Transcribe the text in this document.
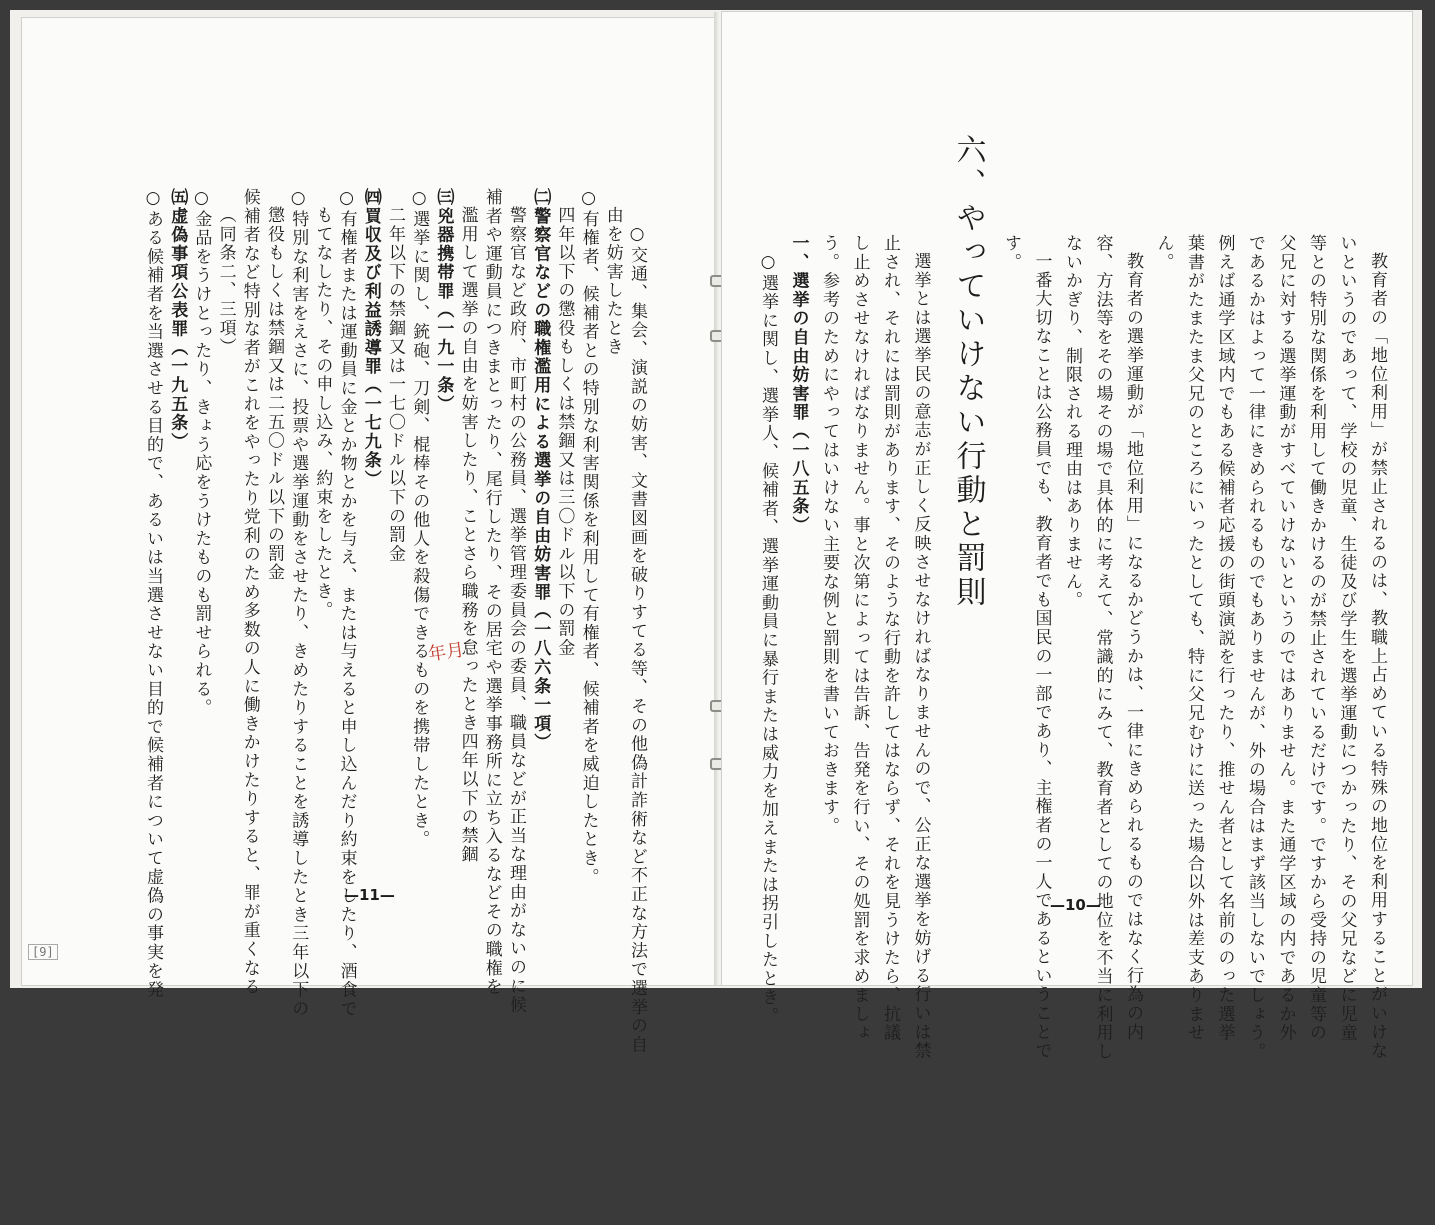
○交通、集会、演説の妨害、文書図画を破りすてる等、その他偽計詐術など不正な方法で選挙の自
由を妨害したとき
○有権者、候補者との特別な利害関係を利用して有権者、候補者を威迫したとき。
四年以下の懲役もしくは禁錮又は三〇ドル以下の罰金
㈡警察官などの職権濫用による選挙の自由妨害罪（一八六条一項）
警察官など政府、市町村の公務員、選挙管理委員会の委員、職員などが正当な理由がないのに候
補者や運動員につきまとったり、尾行したり、その居宅や選挙事務所に立ち入るなどその職権を
濫用して選挙の自由を妨害したり、ことさら職務を怠ったとき四年以下の禁錮
㈢兇器携帯罪（一九一条）
○選挙に関し、銃砲、刀剣、棍棒その他人を殺傷できるものを携帯したとき。
二年以下の禁錮又は一七〇ドル以下の罰金
㈣買収及び利益誘導罪（一七九条）
○有権者または運動員に金とか物とかを与え、または与えると申し込んだり約束をしたり、酒食で
もてなしたり、その申し込み、約束をしたとき。
○特別な利害をえさに、投票や選挙運動をさせたり、きめたりすることを誘導したとき三年以下の
懲役もしくは禁錮又は二五〇ドル以下の罰金
候補者など特別な者がこれをやったり党利のため多数の人に働きかけたりすると、罪が重くなる
（同条二、三項）
○金品をうけとったり、きょう応をうけたものも罰せられる。
㈤虚偽事項公表罪（一九五条）
○ある候補者を当選させる目的で、あるいは当選させない目的で候補者について虚偽の事実を発	—11—	教育者の「地位利用」が禁止されるのは、教職上占めている特殊の地位を利用することがいけな
いというのであって、学校の児童、生徒及び学生を選挙運動につかったり、その父兄などに児童
等との特別な関係を利用して働きかけるのが禁止されているだけです。ですから受持の児童等の
父兄に対する選挙運動がすべていけないというのではありません。また通学区域の内であるか外
であるかはよって一律にきめられるものでもありませんが、外の場合はまず該当しないでしょう。
例えば通学区域内でもある候補者応援の街頭演説を行ったり、推せん者として名前ののった選挙
葉書がたまたま父兄のところにいったとしても、特に父兄むけに送った場合以外は差支ありませ
ん。
教育者の選挙運動が「地位利用」になるかどうかは、一律にきめられるものではなく行為の内
容、方法等をその場その場で具体的に考えて、常識的にみて、教育者としての地位を不当に利用し
ないかぎり、制限される理由はありません。
一番大切なことは公務員でも、教育者でも国民の一部であり、主権者の一人であるということで
す。
六、やっていけない行動と罰則
選挙とは選挙民の意志が正しく反映させなければなりませんので、公正な選挙を妨げる行いは禁
止され、それには罰則があります、そのような行動を許してはならず、それを見うけたら、抗議
し止めさせなければなりません。事と次第によっては告訴、告発を行い、その処罰を求めましょ
う。参考のためにやってはいけない主要な例と罰則を書いておきます。
一、選挙の自由妨害罪（一八五条）
○選挙に関し、選挙人、候補者、選挙運動員に暴行または威力を加えまたは拐引したとき。	—10—
年月
[9]
